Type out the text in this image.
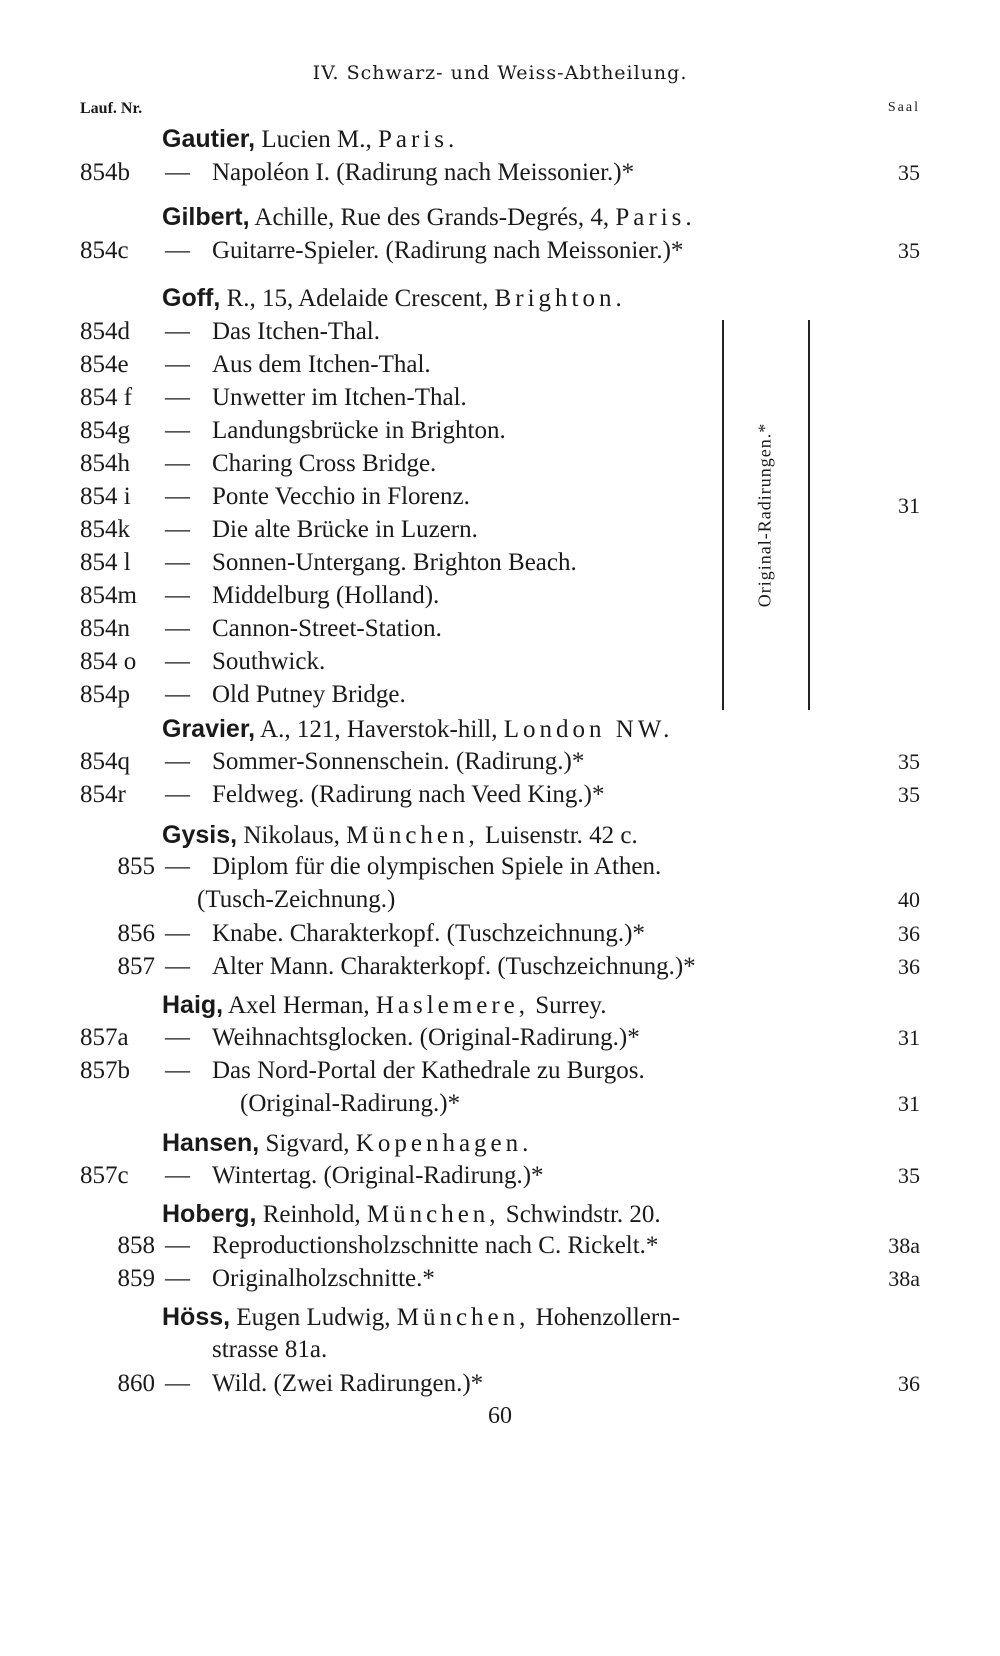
IV. Schwarz- und Weiss-Abtheilung.
Lauf. Nr.	Saal
Gautier, Lucien M., Paris.
854b	— Napoléon I. (Radirung nach Meissonier.)*	35
Gilbert, Achille, Rue des Grands-Degrés, 4, Paris.
854c	— Guitarre-Spieler. (Radirung nach Meissonier.)*	35
Goff, R., 15, Adelaide Crescent, Brighton.
854d	— Das Itchen-Thal.
854e	— Aus dem Itchen-Thal.
854 f	— Unwetter im Itchen-Thal.
854g	— Landungsbrücke in Brighton.
854h	— Charing Cross Bridge.
854 i	— Ponte Vecchio in Florenz.
854k	— Die alte Brücke in Luzern.
854 l	— Sonnen-Untergang. Brighton Beach.
854m	— Middelburg (Holland).
854n	— Cannon-Street-Station.
854 o	— Southwick.
854p	— Old Putney Bridge.
Original-Radirungen.*	31
Gravier, A., 121, Haverstok-hill, London NW.
854q	— Sommer-Sonnenschein. (Radirung.)*	35
854r	— Feldweg. (Radirung nach Veed King.)*	35
Gysis, Nikolaus, München, Luisenstr. 42 c.
855 — Diplom für die olympischen Spiele in Athen.
(Tusch-Zeichnung.)	40
856 — Knabe. Charakterkopf. (Tuschzeichnung.)*	36
857 — Alter Mann. Charakterkopf. (Tuschzeichnung.)*	36
Haig, Axel Herman, Haslemere, Surrey.
857a	— Weihnachtsglocken. (Original-Radirung.)*	31
857b	— Das Nord-Portal der Kathedrale zu Burgos.
(Original-Radirung.)*	31
Hansen, Sigvard, Kopenhagen.
857c	— Wintertag. (Original-Radirung.)*	35
Hoberg, Reinhold, München, Schwindstr. 20.
858 — Reproductionsholzschnitte nach C. Rickelt.*	38a
859 — Originalholzschnitte.*	38a
Höss, Eugen Ludwig, München, Hohenzollern-
strasse 81a.
860 — Wild. (Zwei Radirungen.)*	36
60
